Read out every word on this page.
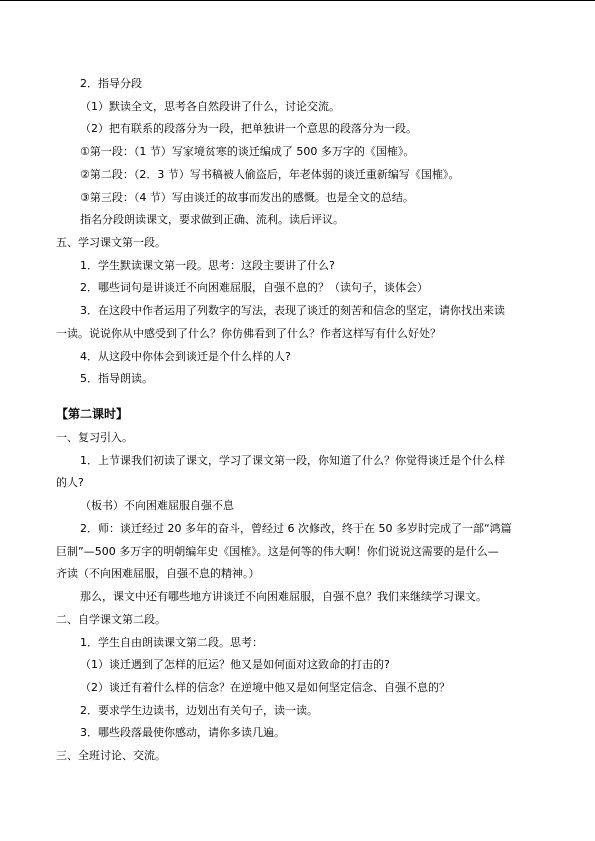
2．指导分段

（1）默读全文，思考各自然段讲了什么，讨论交流。

（2）把有联系的段落分为一段，把单独讲一个意思的段落分为一段。

①第一段：（1 节）写家境贫寒的谈迁编成了 500 多万字的《国榷》。

②第二段：（2．3 节）写书稿被人偷盗后，年老体弱的谈迁重新编写《国榷》。

③第三段：（4 节）写由谈迁的故事而发出的感慨。也是全文的总结。

指名分段朗读课文，要求做到正确、流利。读后评议。

五、学习课文第一段。

1．学生默读课文第一段。思考：这段主要讲了什么?

2．哪些词句是讲谈迁不向困难屈服，自强不息的？（读句子，谈体会）

3．在这段中作者运用了列数字的写法，表现了谈迁的刻苦和信念的坚定，请你找出来读

一读。说说你从中感受到了什么？你仿佛看到了什么？作者这样写有什么好处？

4．从这段中你体会到谈迁是个什么样的人?

5．指导朗读。

【第二课时】

一、复习引入。

1．上节课我们初读了课文，学习了课文第一段，你知道了什么？你觉得谈迁是个什么样

的人?

（板书）不向困难屈服自强不息

2．师：谈迁经过 20 多年的奋斗，曾经过 6 次修改，终于在 50 多岁时完成了一部“鸿篇

巨制”—500 多万字的明朝编年史《国榷》。这是何等的伟大啊！你们说说这需要的是什么—

齐读（不向困难屈服，自强不息的精神。）

那么，课文中还有哪些地方讲谈迁不向困难屈服，自强不息？我们来继续学习课文。

二、自学课文第二段。

1．学生自由朗读课文第二段。思考：

（1）谈迁遇到了怎样的厄运？他又是如何面对这致命的打击的?

（2）谈迁有着什么样的信念？在逆境中他又是如何坚定信念、自强不息的？

2．要求学生边读书，边划出有关句子，读一读。

3．哪些段落最使你感动，请你多读几遍。

三、全班讨论、交流。
